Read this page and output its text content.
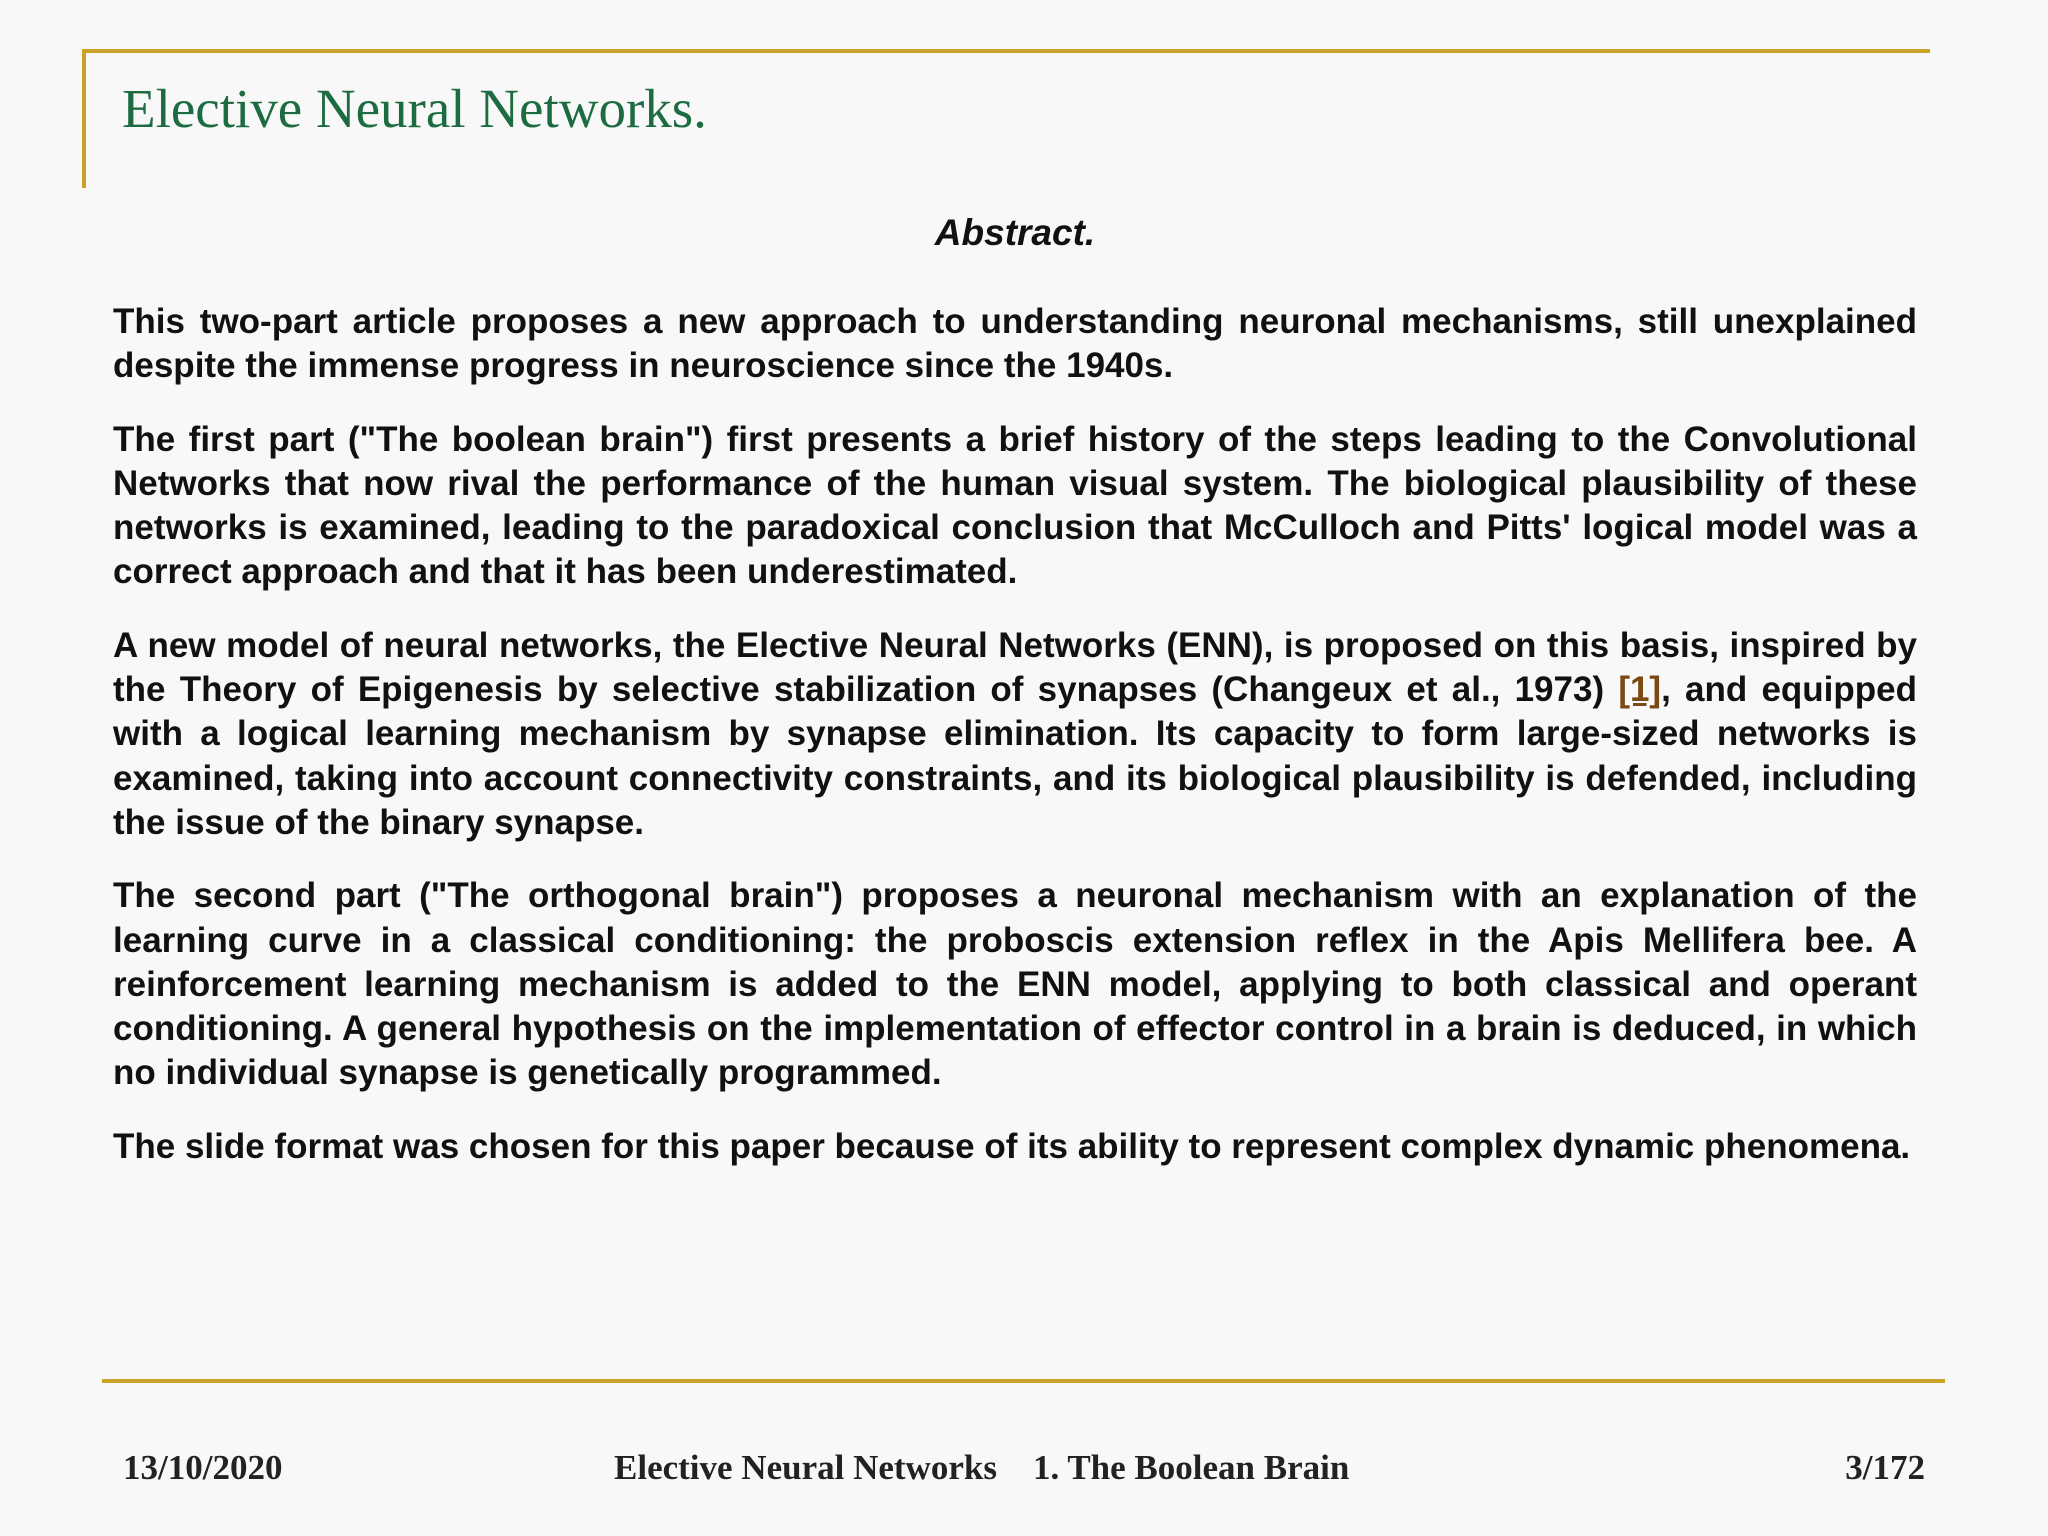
Elective Neural Networks.
Abstract.

This two-part article proposes a new approach to understanding neuronal mechanisms, still unexplained despite the immense progress in neuroscience since the 1940s.

The first part ("The boolean brain") first presents a brief history of the steps leading to the Convolutional Networks that now rival the performance of the human visual system. The biological plausibility of these networks is examined, leading to the paradoxical conclusion that McCulloch and Pitts' logical model was a correct approach and that it has been underestimated.

A new model of neural networks, the Elective Neural Networks (ENN), is proposed on this basis, inspired by the Theory of Epigenesis by selective stabilization of synapses (Changeux et al., 1973) [1], and equipped with a logical learning mechanism by synapse elimination. Its capacity to form large-sized networks is examined, taking into account connectivity constraints, and its biological plausibility is defended, including the issue of the binary synapse.

The second part ("The orthogonal brain") proposes a neuronal mechanism with an explanation of the learning curve in a classical conditioning: the proboscis extension reflex in the Apis Mellifera bee. A reinforcement learning mechanism is added to the ENN model, applying to both classical and operant conditioning. A general hypothesis on the implementation of effector control in a brain is deduced, in which no individual synapse is genetically programmed.

The slide format was chosen for this paper because of its ability to represent complex dynamic phenomena.

13/10/2020	Elective Neural Networks 1. The Boolean Brain	3/172
